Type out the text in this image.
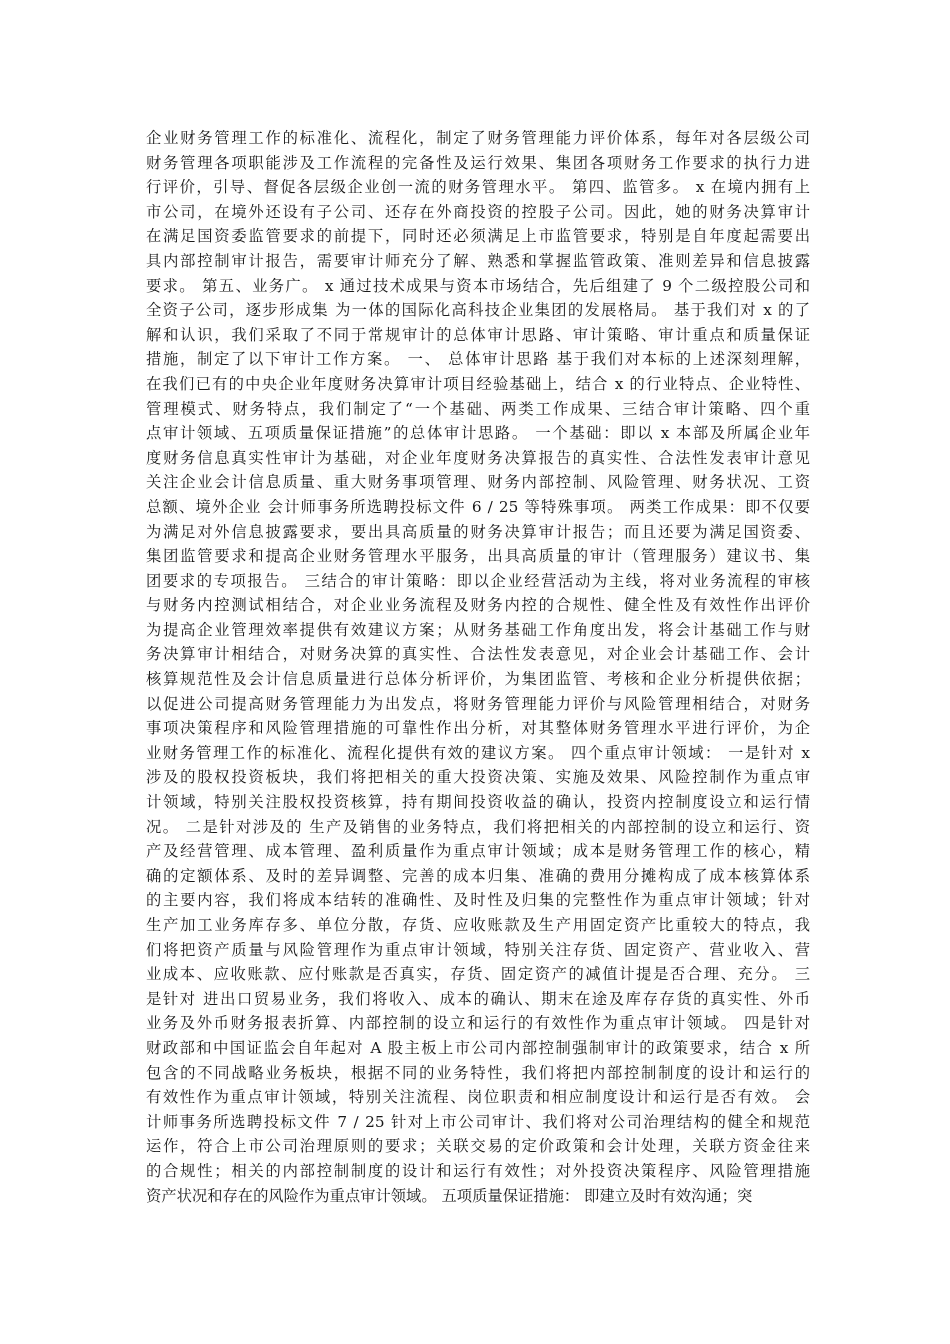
企业财务管理工作的标准化、流程化，制定了财务管理能力评价体系，每年对各层级公司
财务管理各项职能涉及工作流程的完备性及运行效果、集团各项财务工作要求的执行力进
行评价，引导、督促各层级企业创一流的财务管理水平。 第四、监管多。 x 在境内拥有上
市公司，在境外还设有子公司、还存在外商投资的控股子公司。因此，她的财务决算审计
在满足国资委监管要求的前提下，同时还必须满足上市监管要求，特别是自年度起需要出
具内部控制审计报告，需要审计师充分了解、熟悉和掌握监管政策、准则差异和信息披露
要求。 第五、业务广。 x 通过技术成果与资本市场结合，先后组建了 9 个二级控股公司和
全资子公司，逐步形成集 为一体的国际化高科技企业集团的发展格局。 基于我们对 x 的了
解和认识，我们采取了不同于常规审计的总体审计思路、审计策略、审计重点和质量保证
措施，制定了以下审计工作方案。 一、 总体审计思路 基于我们对本标的上述深刻理解，
在我们已有的中央企业年度财务决算审计项目经验基础上，结合 x 的行业特点、企业特性、
管理模式、财务特点，我们制定了“一个基础、两类工作成果、三结合审计策略、四个重
点审计领域、五项质量保证措施”的总体审计思路。 一个基础：即以 x 本部及所属企业年
度财务信息真实性审计为基础，对企业年度财务决算报告的真实性、合法性发表审计意见
关注企业会计信息质量、重大财务事项管理、财务内部控制、风险管理、财务状况、工资
总额、境外企业 会计师事务所选聘投标文件 6 / 25 等特殊事项。 两类工作成果：即不仅要
为满足对外信息披露要求，要出具高质量的财务决算审计报告；而且还要为满足国资委、
集团监管要求和提高企业财务管理水平服务，出具高质量的审计（管理服务）建议书、集
团要求的专项报告。 三结合的审计策略：即以企业经营活动为主线，将对业务流程的审核
与财务内控测试相结合，对企业业务流程及财务内控的合规性、健全性及有效性作出评价
为提高企业管理效率提供有效建议方案；从财务基础工作角度出发，将会计基础工作与财
务决算审计相结合，对财务决算的真实性、合法性发表意见，对企业会计基础工作、会计
核算规范性及会计信息质量进行总体分析评价，为集团监管、考核和企业分析提供依据；
以促进公司提高财务管理能力为出发点，将财务管理能力评价与风险管理相结合，对财务
事项决策程序和风险管理措施的可靠性作出分析，对其整体财务管理水平进行评价，为企
业财务管理工作的标准化、流程化提供有效的建议方案。 四个重点审计领域： 一是针对 x
涉及的股权投资板块，我们将把相关的重大投资决策、实施及效果、风险控制作为重点审
计领域，特别关注股权投资核算，持有期间投资收益的确认，投资内控制度设立和运行情
况。 二是针对涉及的 生产及销售的业务特点，我们将把相关的内部控制的设立和运行、资
产及经营管理、成本管理、盈利质量作为重点审计领域；成本是财务管理工作的核心，精
确的定额体系、及时的差异调整、完善的成本归集、准确的费用分摊构成了成本核算体系
的主要内容，我们将成本结转的准确性、及时性及归集的完整性作为重点审计领域；针对
生产加工业务库存多、单位分散，存货、应收账款及生产用固定资产比重较大的特点，我
们将把资产质量与风险管理作为重点审计领域，特别关注存货、固定资产、营业收入、营
业成本、应收账款、应付账款是否真实，存货、固定资产的减值计提是否合理、充分。 三
是针对 进出口贸易业务，我们将收入、成本的确认、期末在途及库存存货的真实性、外币
业务及外币财务报表折算、内部控制的设立和运行的有效性作为重点审计领域。 四是针对
财政部和中国证监会自年起对 A 股主板上市公司内部控制强制审计的政策要求，结合 x 所
包含的不同战略业务板块，根据不同的业务特性，我们将把内部控制制度的设计和运行的
有效性作为重点审计领域，特别关注流程、岗位职责和相应制度设计和运行是否有效。 会
计师事务所选聘投标文件 7 / 25 针对上市公司审计、我们将对公司治理结构的健全和规范
运作，符合上市公司治理原则的要求；关联交易的定价政策和会计处理，关联方资金往来
的合规性；相关的内部控制制度的设计和运行有效性；对外投资决策程序、风险管理措施
资产状况和存在的风险作为重点审计领域。 五项质量保证措施： 即建立及时有效沟通；突
